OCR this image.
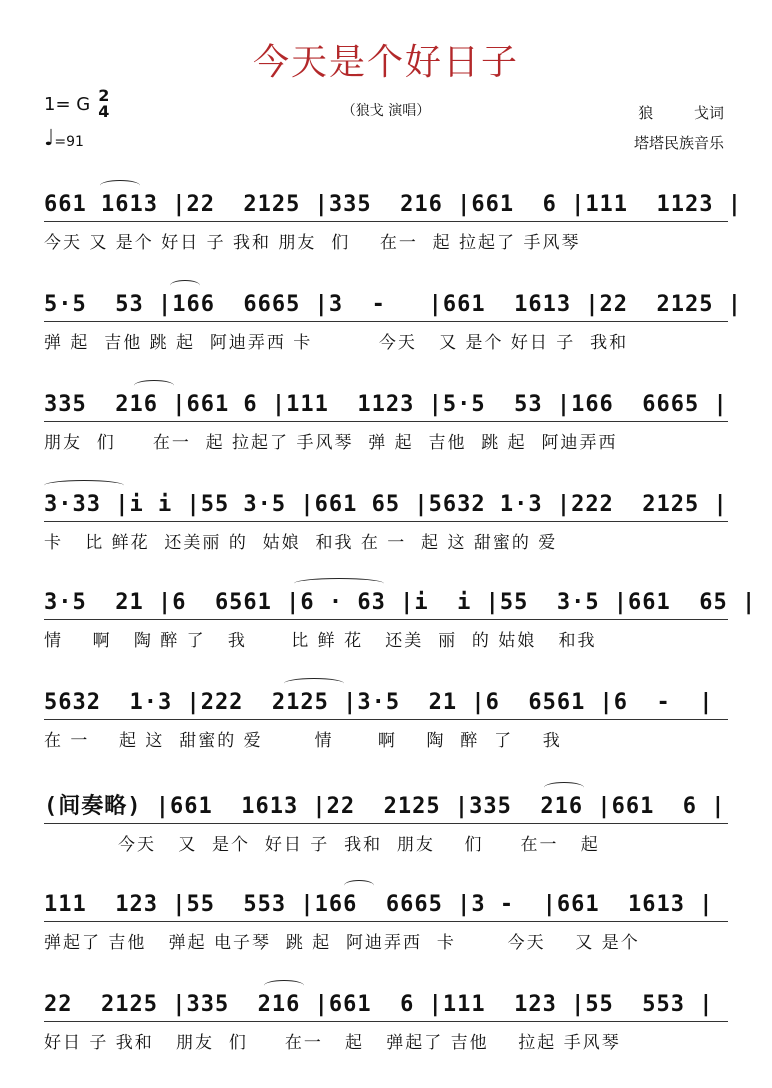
今天是个好日子
1= G 2
4
♩ =91
（狼戈 演唱）	狼 戈词
塔塔民族音乐
661 1613 |22  2125 |335  216 |661  6 |111  1123 |
今天 又 是个 好日 子 我和 朋友  们    在一  起 拉起了 手风琴
5·5  53 |166  6665 |3  -   |661  1613 |22  2125 |
弹 起  吉他 跳 起  阿迪弄西 卡         今天   又 是个 好日 子  我和
335  216 |661 6 |111  1123 |5·5  53 |166  6665 |
朋友  们     在一  起 拉起了 手风琴  弹 起  吉他  跳 起  阿迪弄西
3·33 |i i |55 3·5 |661 65 |5632 1·3 |222  2125 |
卡   比 鲜花  还美丽 的  姑娘  和我 在 一  起 这 甜蜜的 爱
3·5  21 |6  6561 |6 · 63 |i  i |55  3·5 |661  65 |
情    啊   陶 醉 了   我      比 鲜 花   还美  丽  的 姑娘   和我
5632  1·3 |222  2125 |3·5  21 |6  6561 |6  -  |
在 一    起 这  甜蜜的 爱       情      啊    陶  醉  了    我
(间奏略) |661  1613 |22  2125 |335  216 |661  6 |
今天   又  是个  好日 子  我和  朋友    们     在一   起
111  123 |55  553 |166  6665 |3 -  |661  1613 |
弹起了 吉他   弹起 电子琴  跳 起  阿迪弄西  卡       今天    又 是个
22  2125 |335  216 |661  6 |111  123 |55  553 |
好日 子 我和   朋友  们     在一   起   弹起了 吉他    拉起 手风琴
